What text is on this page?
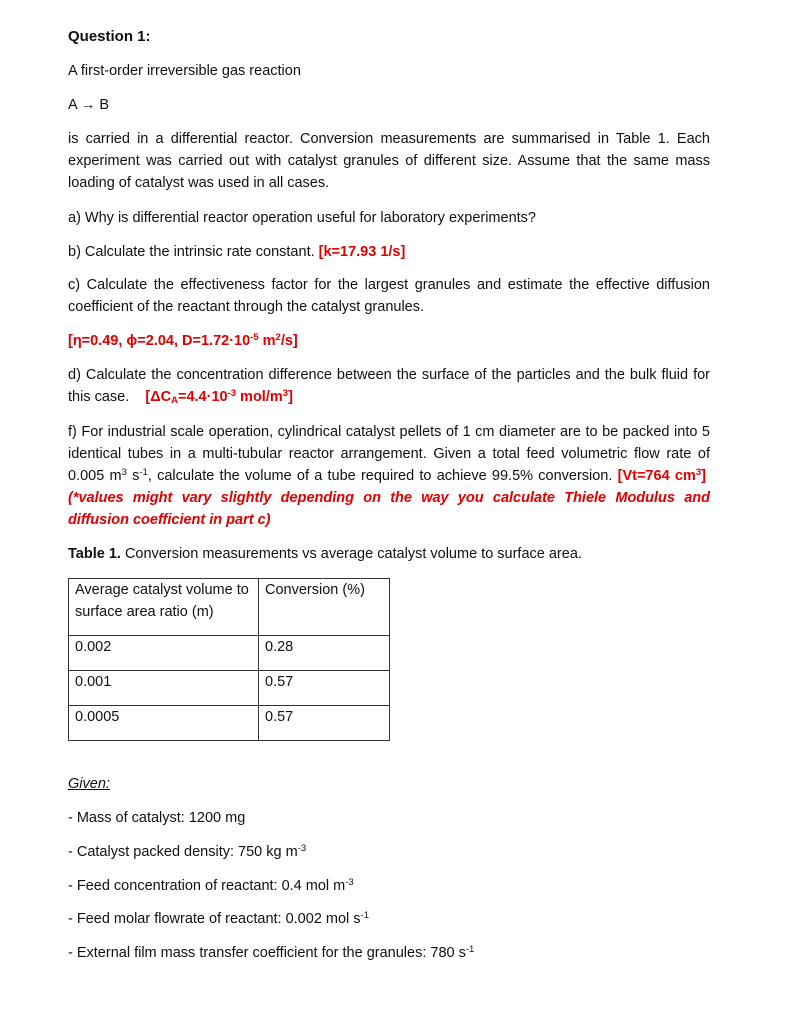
Question 1:

A first-order irreversible gas reaction

A → B

is carried in a differential reactor. Conversion measurements are summarised in Table 1. Each experiment was carried out with catalyst granules of different size. Assume that the same mass loading of catalyst was used in all cases.

a) Why is differential reactor operation useful for laboratory experiments?

b) Calculate the intrinsic rate constant. [k=17.93 1/s]

c) Calculate the effectiveness factor for the largest granules and estimate the effective diffusion coefficient of the reactant through the catalyst granules.

[η=0.49, ϕ=2.04, $D=1.72\cdot 10^{-5}$ $m^2/s$]

d) Calculate the concentration difference between the surface of the particles and the bulk fluid for this case. [$\Delta C_A=4.4\cdot 10^{-3}$ mol/$m^3$]

f) For industrial scale operation, cylindrical catalyst pellets of 1 cm diameter are to be packed into 5 identical tubes in a multi-tubular reactor arrangement. Given a total feed volumetric flow rate of 0.005 $m^3$ $s^{-1}$, calculate the volume of a tube required to achieve 99.5% conversion. [Vt=764 $cm^3$]  (*values might vary slightly depending on the way you calculate Thiele Modulus and diffusion coefficient in part c)

Table 1. Conversion measurements vs average catalyst volume to surface area.

Average catalyst volume to surface area ratio (m)	Conversion (%)
0.002	0.28
0.001	0.57
0.0005	0.57

Given:

- Mass of catalyst: 1200 mg

- Catalyst packed density: 750 kg $m^{-3}$

- Feed concentration of reactant: 0.4 mol $m^{-3}$

- Feed molar flowrate of reactant: 0.002 mol $s^{-1}$

- External film mass transfer coefficient for the granules: 780 $s^{-1}$
